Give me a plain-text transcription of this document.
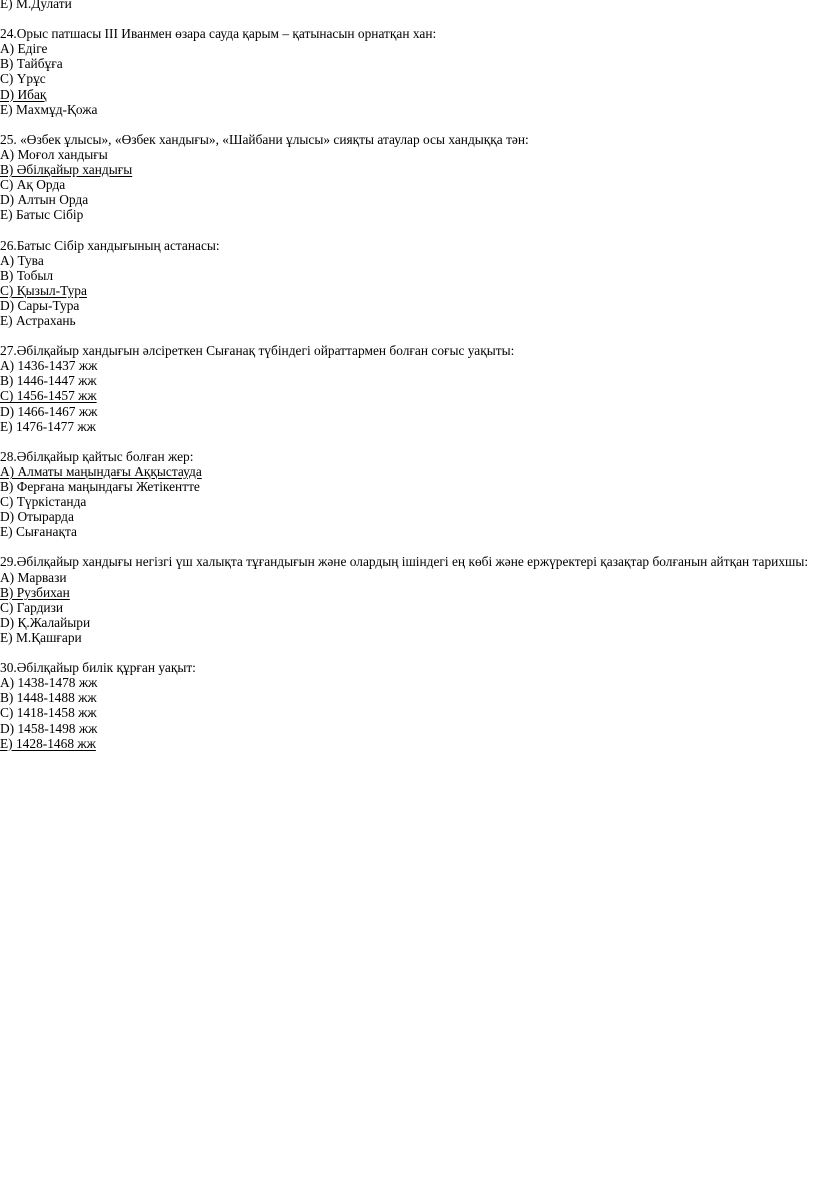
E) М.Дулати
24.Орыс патшасы III Иванмен өзара сауда қарым – қатынасын орнатқан хан:
A) Едіге
B) Тайбұға
C) Үрұс
D) Ибақ
E) Махмұд-Қожа
25. «Өзбек ұлысы», «Өзбек хандығы», «Шайбани ұлысы» сияқты атаулар осы хандыққа тән:
A) Моғол хандығы
B) Әбілқайыр хандығы
C) Ақ Орда
D) Алтын Орда
E) Батыс Сібір
26.Батыс Сібір хандығының астанасы:
A) Тува
B) Тобыл
C) Қызыл-Тура
D) Сары-Тура
E) Астрахань
27.Әбілқайыр хандығын әлсіреткен Сығанақ түбіндегі ойраттармен болған соғыс уақыты:
A) 1436-1437 жж
B) 1446-1447 жж
C) 1456-1457 жж
D) 1466-1467 жж
E) 1476-1477 жж
28.Әбілқайыр қайтыс болған жер:
A) Алматы маңындағы Аққыстауда
B) Ферғана маңындағы Жетікентте
C) Түркістанда
D) Отырарда
E) Сығанақта
29.Әбілқайыр хандығы негізгі үш халықта тұғандығын және олардың ішіндегі ең көбі және ержүректері қазақтар болғанын айтқан тарихшы:
A) Марвази
B) Рузбихан
C) Гардизи
D) Қ.Жалайыри
E) М.Қашғари
30.Әбілқайыр билік құрған уақыт:
A) 1438-1478 жж
B) 1448-1488 жж
C) 1418-1458 жж
D) 1458-1498 жж
E) 1428-1468 жж
